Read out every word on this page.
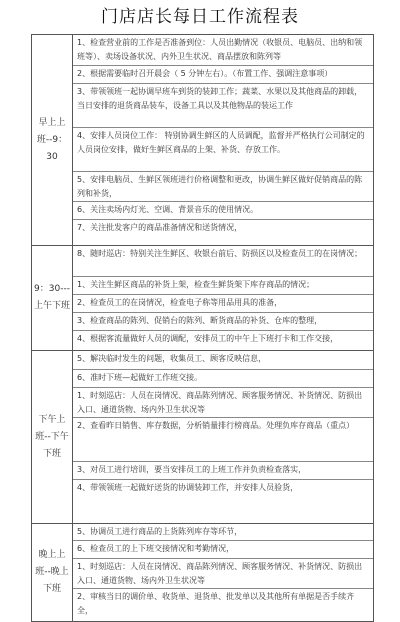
门店店长每日工作流程表
早上上班--9：30
1、检查营业前的工作是否准备到位：人员出勤情况（收银员、电脑员、出纳和领班等）、卖场设备状况、内外卫生状况、商品摆放和陈列等
2、根据需要临时召开晨会（ 5 分钟左右）。（布置工作、强调注意事项）
3、带领领班一起协调早班车到货的装卸工作；蔬菜、水果以及其他商品的卸载，当日安排的退货商品装车，设备工具以及其他物品的装运工作
4、安排人员岗位工作： 特别协调生鲜区的人员调配，监督并严格执行公司制定的人员岗位安排，做好生鲜区商品的上架、补货、存放工作。
5、安排电脑员、生鲜区领班进行价格调整和更改，协调生鲜区做好促销商品的陈列和补货，
6、关注卖场内灯光、空调、背景音乐的使用情况。
7、关注批发客户的商品准备情况和送货情况，
9：30---上午下班
8、随时巡店：特别关注生鲜区、收银台前后、防损区以及检查员工的在岗情况；
1、关注生鲜区商品的补货上架，检查生鲜货架下库存商品的情况；
2、检查员工的在岗情况，检查电子称等用品用具的准备，
3、检查商品的陈列、促销台的陈列、断货商品的补货、仓库的整理，
4、根据客流量做好人员的调配，安排员工的中午上下班打卡和工作交接，
下午上班--下午下班
5、解决临时发生的问题，收集员工、顾客反映信息，
6、准时下班—起做好工作班交接。
1、时刻巡店：人员在岗情况、商品陈列情况、顾客服务情况、补货情况、防损出入口、通道货物、场内外卫生状况等
2、查看昨日销售、库存数据，分析销量排行榜商品。处理负库存商品（重点）
3、对员工进行培训，要当安排员工的上班工作并负责检查落实，
4、带领领班一起做好送货的协调装卸工作，并安排人员验货，
晚上上班--晚上下班
5、协调员工进行商品的上货陈列库存等环节，
6、检查员工的上下班交接情况和考勤情况，
1、时刻巡店：人员在岗情况、商品陈列情况、顾客服务情况、补货情况、防损出入口、通道货物、场内外卫生状况等
2、审核当日的调价单、收货单、退货单、批发单以及其他所有单据是否手续齐全，
